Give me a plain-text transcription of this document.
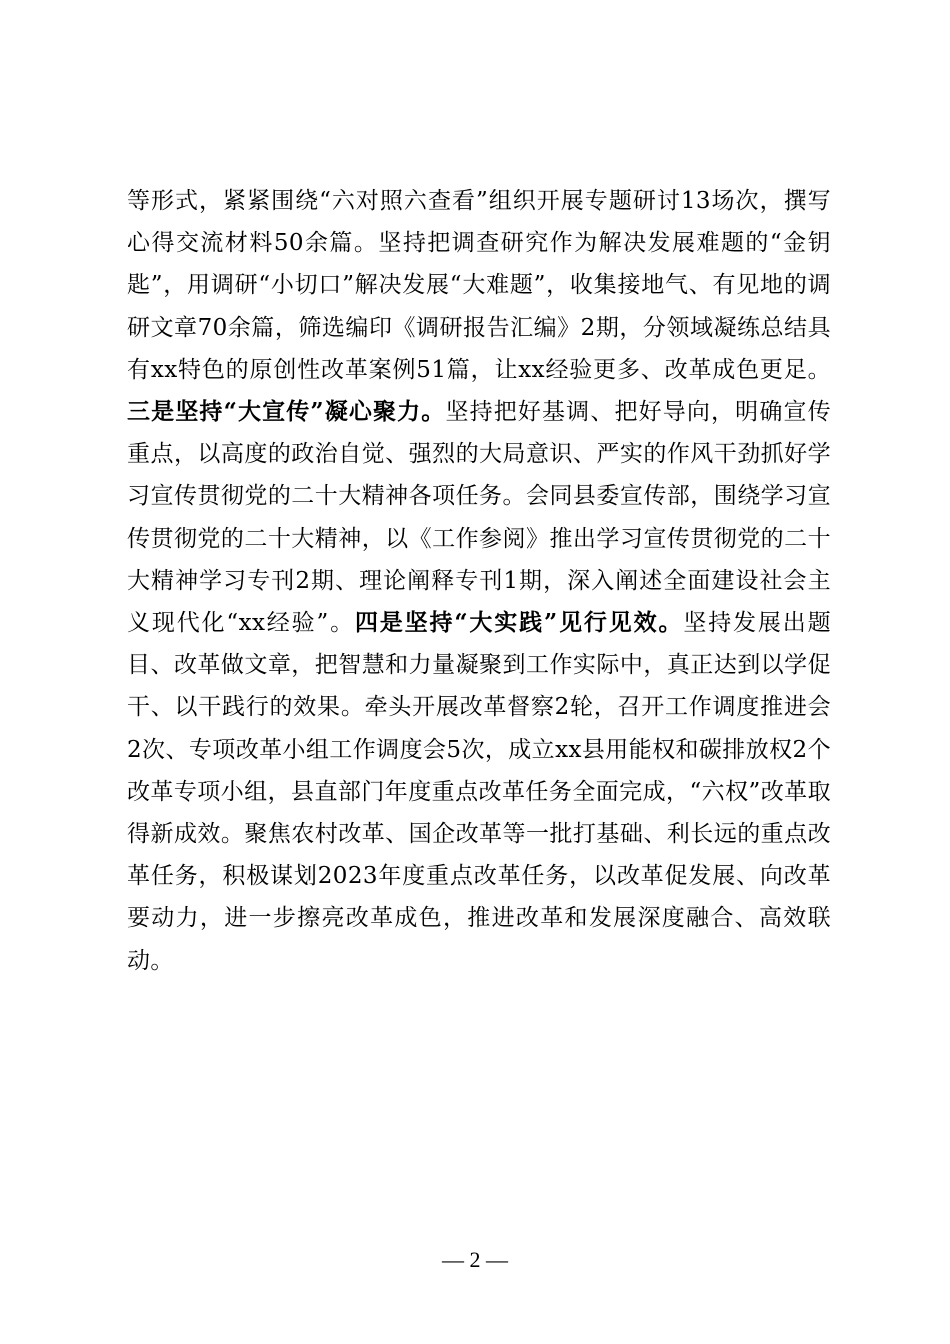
等形式，紧紧围绕“六对照六查看”组织开展专题研讨13场次，撰写心得交流材料50余篇。坚持把调查研究作为解决发展难题的“金钥匙”，用调研“小切口”解决发展“大难题”，收集接地气、有见地的调研文章70余篇，筛选编印《调研报告汇编》2期，分领域凝练总结具有xx特色的原创性改革案例51篇，让xx经验更多、改革成色更足。三是坚持“大宣传”凝心聚力。坚持把好基调、把好导向，明确宣传重点，以高度的政治自觉、强烈的大局意识、严实的作风干劲抓好学习宣传贯彻党的二十大精神各项任务。会同县委宣传部，围绕学习宣传贯彻党的二十大精神，以《工作参阅》推出学习宣传贯彻党的二十大精神学习专刊2期、理论阐释专刊1期，深入阐述全面建设社会主义现代化“xx经验”。四是坚持“大实践”见行见效。坚持发展出题目、改革做文章，把智慧和力量凝聚到工作实际中，真正达到以学促干、以干践行的效果。牵头开展改革督察2轮，召开工作调度推进会2次、专项改革小组工作调度会5次，成立xx县用能权和碳排放权2个改革专项小组，县直部门年度重点改革任务全面完成，“六权”改革取得新成效。聚焦农村改革、国企改革等一批打基础、利长远的重点改革任务，积极谋划2023年度重点改革任务，以改革促发展、向改革要动力，进一步擦亮改革成色，推进改革和发展深度融合、高效联动。

— 2 —
